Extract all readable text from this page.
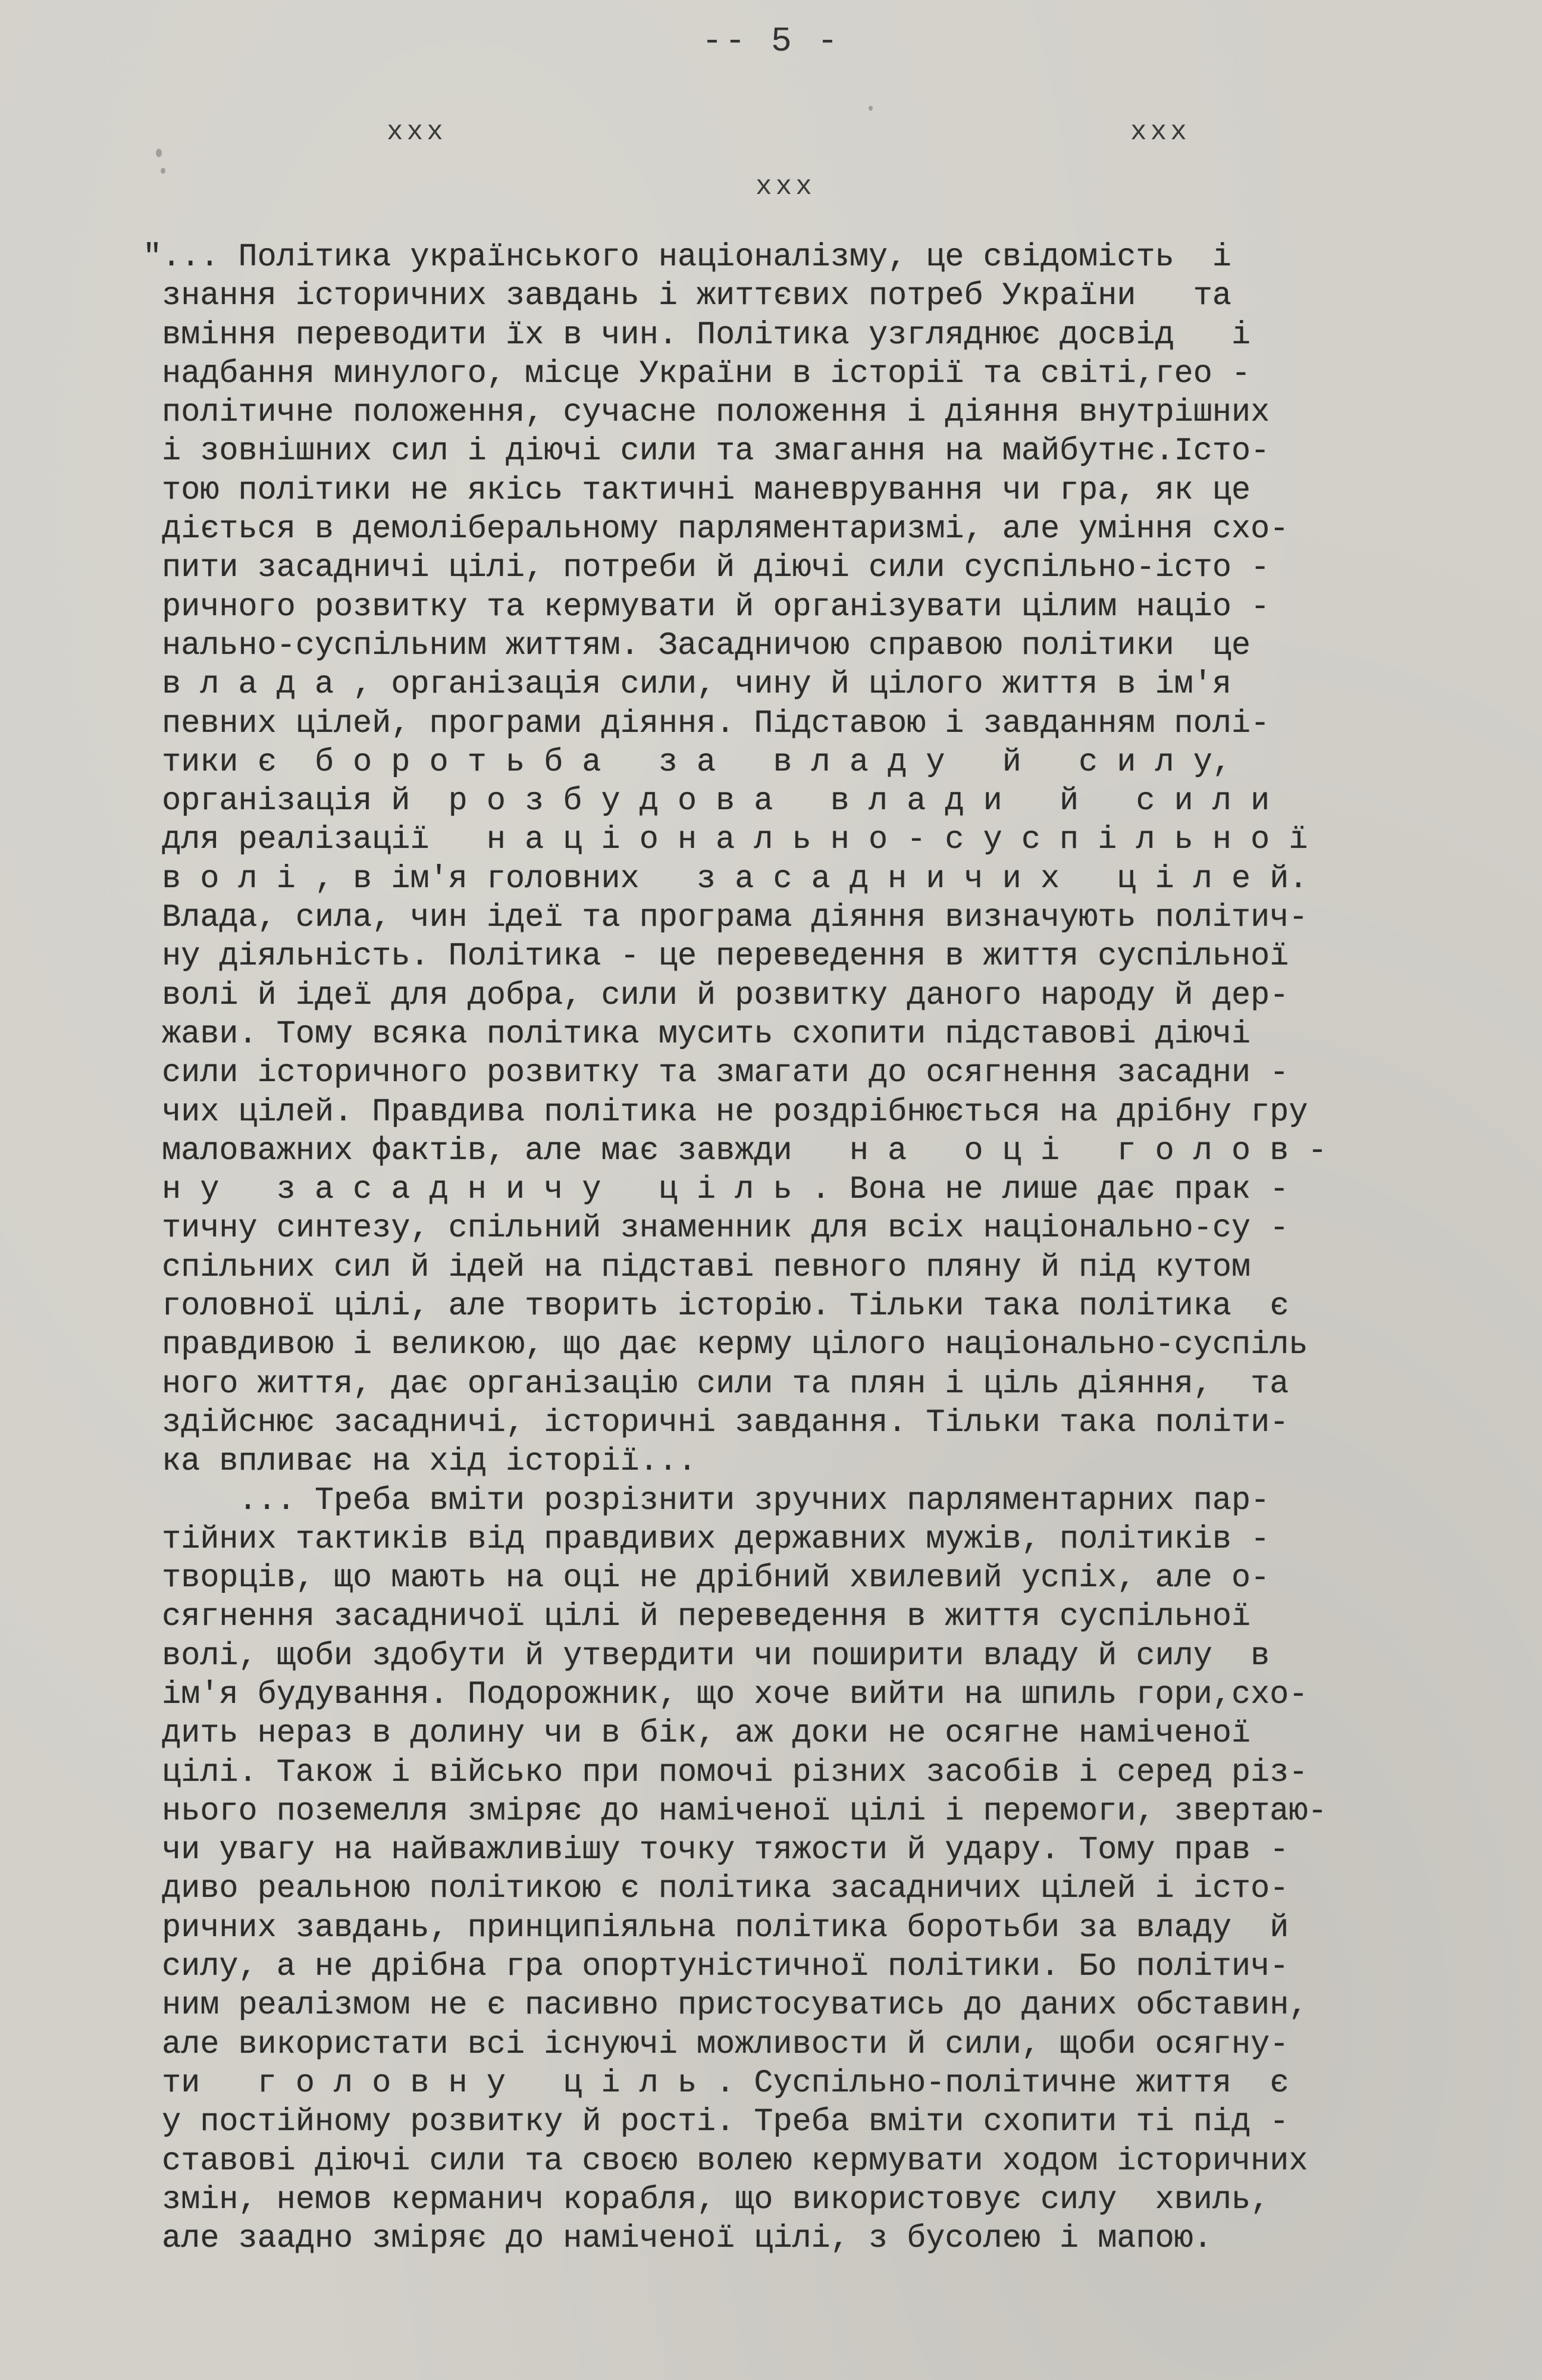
-- 5 -
xxx	xxx
xxx
"... Політика українського націоналізму, це свідомість  і
знання історичних завдань і життєвих потреб України   та
вміння переводити їх в чин. Політика узгляднює досвід   і
надбання минулого, місце України в історії та світі,гео -
політичне положення, сучасне положення і діяння внутрішних
і зовнішних сил і діючі сили та змагання на майбутнє.Істо-
тою політики не якісь тактичні маневрування чи гра, як це
діється в демоліберальному парляментаризмі, але уміння схо-
пити засадничі цілі, потреби й діючі сили суспільно-істо -
ричного розвитку та кермувати й організувати цілим націо -
нально-суспільним життям. Засадничою справою політики  це
в л а д а , організація сили, чину й цілого життя в ім'я
певних цілей, програми діяння. Підставою і завданням полі-
тики є  б о р о т ь б а   з а   в л а д у   й   с и л у,
організація й  р о з б у д о в а   в л а д и   й   с и л и
для реалізації   н а ц і о н а л ь н о - с у с п і л ь н о ї
в о л і , в ім'я головних   з а с а д н и ч и х   ц і л е й.
Влада, сила, чин ідеї та програма діяння визначують політич-
ну діяльність. Політика - це переведення в життя суспільної
волі й ідеї для добра, сили й розвитку даного народу й дер-
жави. Тому всяка політика мусить схопити підставові діючі
сили історичного розвитку та змагати до осягнення засадни -
чих цілей. Правдива політика не роздрібнюється на дрібну гру
маловажних фактів, але має завжди   н а   о ц і   г о л о в -
н у   з а с а д н и ч у   ц і л ь . Вона не лише дає прак -
тичну синтезу, спільний знаменник для всіх національно-су -
спільних сил й ідей на підставі певного пляну й під кутом
головної цілі, але творить історію. Тільки така політика  є
правдивою і великою, що дає керму цілого національно-суспіль
ного життя, дає організацію сили та плян і ціль діяння,  та
здійснює засадничі, історичні завдання. Тільки така політи-
ка впливає на хід історії...
... Треба вміти розрізнити зручних парляментарних пар-
тійних тактиків від правдивих державних мужів, політиків -
творців, що мають на оці не дрібний хвилевий успіх, але о-
сягнення засадничої цілі й переведення в життя суспільної
волі, щоби здобути й утвердити чи поширити владу й силу  в
ім'я будування. Подорожник, що хоче вийти на шпиль гори,схо-
дить нераз в долину чи в бік, аж доки не осягне наміченої
цілі. Також і військо при помочі різних засобів і серед різ-
нього поземелля зміряє до наміченої цілі і перемоги, звертаю-
чи увагу на найважливішу точку тяжости й удару. Тому прав -
диво реальною політикою є політика засадничих цілей і істо-
ричних завдань, принципіяльна політика боротьби за владу  й
силу, а не дрібна гра опортуністичної політики. Бо політич-
ним реалізмом не є пасивно пристосуватись до даних обставин,
але використати всі існуючі можливости й сили, щоби осягну-
ти   г о л о в н у   ц і л ь . Суспільно-політичне життя  є
у постійному розвитку й рості. Треба вміти схопити ті під -
ставові діючі сили та своєю волею кермувати ходом історичних
змін, немов керманич корабля, що використовує силу  хвиль,
але заадно зміряє до наміченої цілі, з бусолею і мапою.
